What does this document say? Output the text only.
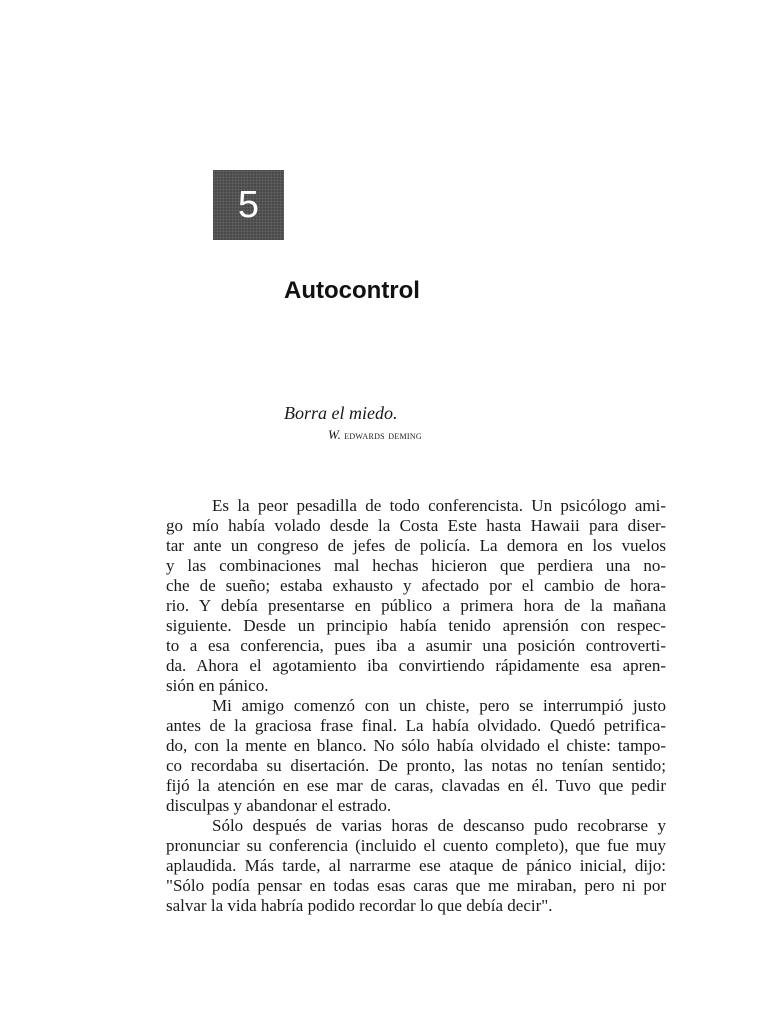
5
Autocontrol

Borra el miedo.

W. edwards deming

Es la peor pesadilla de todo conferencista. Un psicólogo ami-
go mío había volado desde la Costa Este hasta Hawaii para diser-
tar ante un congreso de jefes de policía. La demora en los vuelos
y las combinaciones mal hechas hicieron que perdiera una no-
che de sueño; estaba exhausto y afectado por el cambio de hora-
rio. Y debía presentarse en público a primera hora de la mañana
siguiente. Desde un principio había tenido aprensión con respec-
to a esa conferencia, pues iba a asumir una posición controverti-
da. Ahora el agotamiento iba convirtiendo rápidamente esa apren-
sión en pánico.
Mi amigo comenzó con un chiste, pero se interrumpió justo
antes de la graciosa frase final. La había olvidado. Quedó petrifica-
do, con la mente en blanco. No sólo había olvidado el chiste: tampo-
co recordaba su disertación. De pronto, las notas no tenían sentido;
fijó la atención en ese mar de caras, clavadas en él. Tuvo que pedir
disculpas y abandonar el estrado.
Sólo después de varias horas de descanso pudo recobrarse y
pronunciar su conferencia (incluido el cuento completo), que fue muy
aplaudida. Más tarde, al narrarme ese ataque de pánico inicial, dijo:
"Sólo podía pensar en todas esas caras que me miraban, pero ni por
salvar la vida habría podido recordar lo que debía decir".
